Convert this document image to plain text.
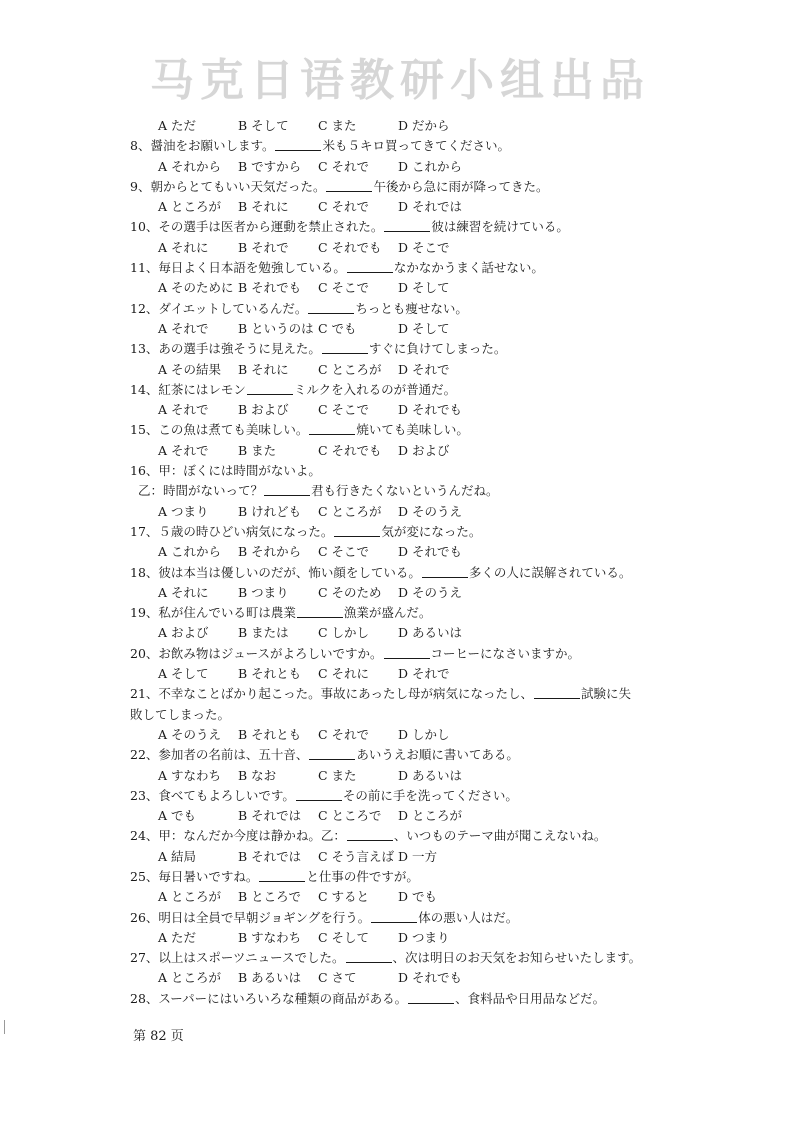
马克日语教研小组出品
A ただ	B そして C また	D だから
8、醤油をお願いします。	米も５キロ買ってきてください。
A それから B ですから C それで D これから
9、朝からとてもいい天気だった。	午後から急に雨が降ってきた。
A ところが B それに C それで D それでは
10、その選手は医者から運動を禁止された。	彼は練習を続けている。
A それに B それで C それでも D そこで
11、毎日よく日本語を勉強している。	なかなかうまく話せない。
A そのために B それでも C そこで D そして
12、ダイエットしているんだ。	ちっとも痩せない。
A それで B というのは C でも	D そして
13、あの選手は強そうに見えた。	すぐに負けてしまった。
A その結果 B それに C ところが D それで
14、紅茶にはレモン	ミルクを入れるのが普通だ。
A それで B および C そこで D それでも
15、この魚は煮ても美味しい。	焼いても美味しい。
A それで B また	C それでも D および
16、甲：ぼくには時間がないよ。
乙：時間がないって？	君も行きたくないというんだね。
A つまり B けれども C ところが D そのうえ
17、５歳の時ひどい病気になった。	気が変になった。
A これから B それから C そこで D それでも
18、彼は本当は優しいのだが、怖い顔をしている。	多くの人に誤解されている。
A それに B つまり C そのため D そのうえ
19、私が住んでいる町は農業	漁業が盛んだ。
A および B または C しかし D あるいは
20、お飲み物はジュースがよろしいですか。	コーヒーになさいますか。
A そして B それとも C それに D それで
21、不幸なことばかり起こった。事故にあったし母が病気になったし、	試験に失
敗してしまった。
A そのうえ B それとも C それで D しかし
22、参加者の名前は、五十音、	あいうえお順に書いてある。
A すなわち B なお	C また	D あるいは
23、食べてもよろしいです。	その前に手を洗ってください。
A でも	B それでは C ところで D ところが
24、甲：なんだか今度は静かね。乙：	、いつものテーマ曲が聞こえないね。
A 結局	B それでは C そう言えば D 一方
25、毎日暑いですね。	と仕事の件ですが。
A ところが B ところで C すると D でも
26、明日は全員で早朝ジョギングを行う。	体の悪い人はだ。
A ただ	B すなわち C そして D つまり
27、以上はスポーツニュースでした。	、次は明日のお天気をお知らせいたします。
A ところが B あるいは C さて	D それでも
28、スーパーにはいろいろな種類の商品がある。	、食料品や日用品などだ。
第 82 页
